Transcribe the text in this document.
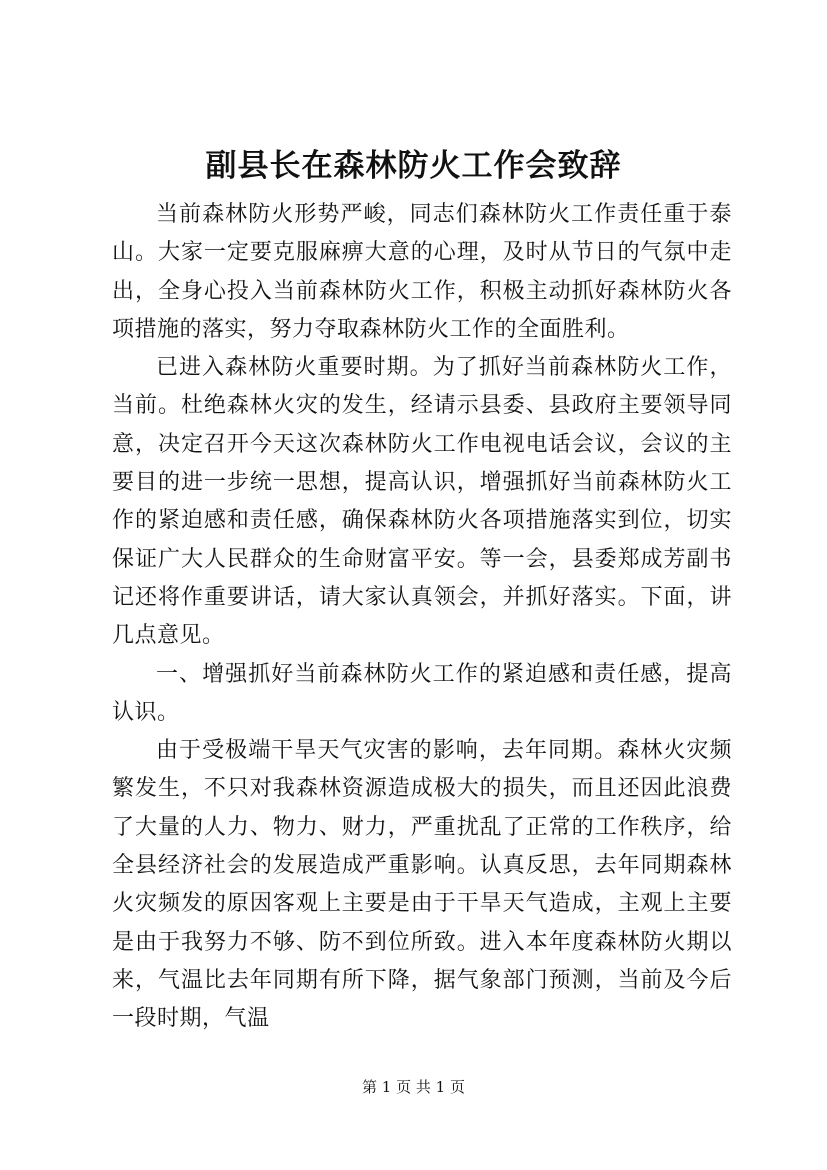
副县长在森林防火工作会致辞

当前森林防火形势严峻，同志们森林防火工作责任重于泰山。大家一定要克服麻痹大意的心理，及时从节日的气氛中走出，全身心投入当前森林防火工作，积极主动抓好森林防火各项措施的落实，努力夺取森林防火工作的全面胜利。

已进入森林防火重要时期。为了抓好当前森林防火工作，当前。杜绝森林火灾的发生，经请示县委、县政府主要领导同意，决定召开今天这次森林防火工作电视电话会议，会议的主要目的进一步统一思想，提高认识，增强抓好当前森林防火工作的紧迫感和责任感，确保森林防火各项措施落实到位，切实保证广大人民群众的生命财富平安。等一会，县委郑成芳副书记还将作重要讲话，请大家认真领会，并抓好落实。下面，讲几点意见。

一、增强抓好当前森林防火工作的紧迫感和责任感，提高认识。

由于受极端干旱天气灾害的影响，去年同期。森林火灾频繁发生，不只对我森林资源造成极大的损失，而且还因此浪费了大量的人力、物力、财力，严重扰乱了正常的工作秩序，给全县经济社会的发展造成严重影响。认真反思，去年同期森林火灾频发的原因客观上主要是由于干旱天气造成，主观上主要是由于我努力不够、防不到位所致。进入本年度森林防火期以来，气温比去年同期有所下降，据气象部门预测，当前及今后一段时期，气温

第 1 页 共 1 页
